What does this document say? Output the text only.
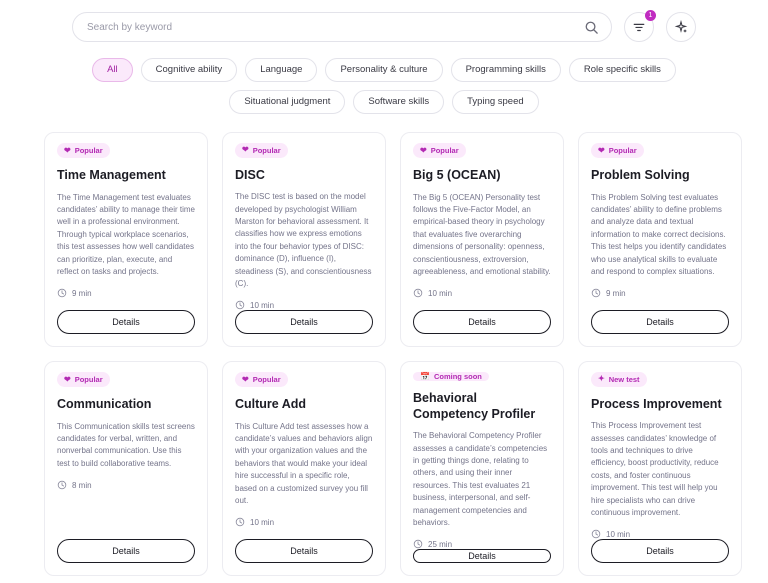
Search by keyword
1
All	Cognitive ability	Language	Personality & culture	Programming skills	Role specific skills
Situational judgment	Software skills	Typing speed
❤ Popular
Time Management
The Time Management test evaluates candidates’ ability to manage their time well in a professional environment. Through typical workplace scenarios, this test assesses how well candidates can prioritize, plan, execute, and reflect on tasks and projects.
9 min
Details
❤ Popular
DISC
The DISC test is based on the model developed by psychologist William Marston for behavioral assessment. It classifies how we express emotions into the four behavior types of DISC: dominance (D), influence (I), steadiness (S), and conscientiousness (C).
10 min
Details
❤ Popular
Big 5 (OCEAN)
The Big 5 (OCEAN) Personality test follows the Five-Factor Model, an empirical-based theory in psychology that evaluates five overarching dimensions of personality: openness, conscientiousness, extroversion, agreeableness, and emotional stability.
10 min
Details
❤ Popular
Problem Solving
This Problem Solving test evaluates candidates’ ability to define problems and analyze data and textual information to make correct decisions. This test helps you identify candidates who use analytical skills to evaluate and respond to complex situations.
9 min
Details
❤ Popular
Communication
This Communication skills test screens candidates for verbal, written, and nonverbal communication. Use this test to build collaborative teams.
8 min
Details
❤ Popular
Culture Add
This Culture Add test assesses how a candidate’s values and behaviors align with your organization values and the behaviors that would make your ideal hire successful in a specific role, based on a customized survey you fill out.
10 min
Details
📅 Coming soon
Behavioral Competency Profiler
The Behavioral Competency Profiler assesses a candidate’s competencies in getting things done, relating to others, and using their inner resources. This test evaluates 21 business, interpersonal, and self-management competencies and behaviors.
25 min
Details
✦ New test
Process Improvement
This Process Improvement test assesses candidates’ knowledge of tools and techniques to drive efficiency, boost productivity, reduce costs, and foster continuous improvement. This test will help you hire specialists who can drive continuous improvement.
10 min
Details
